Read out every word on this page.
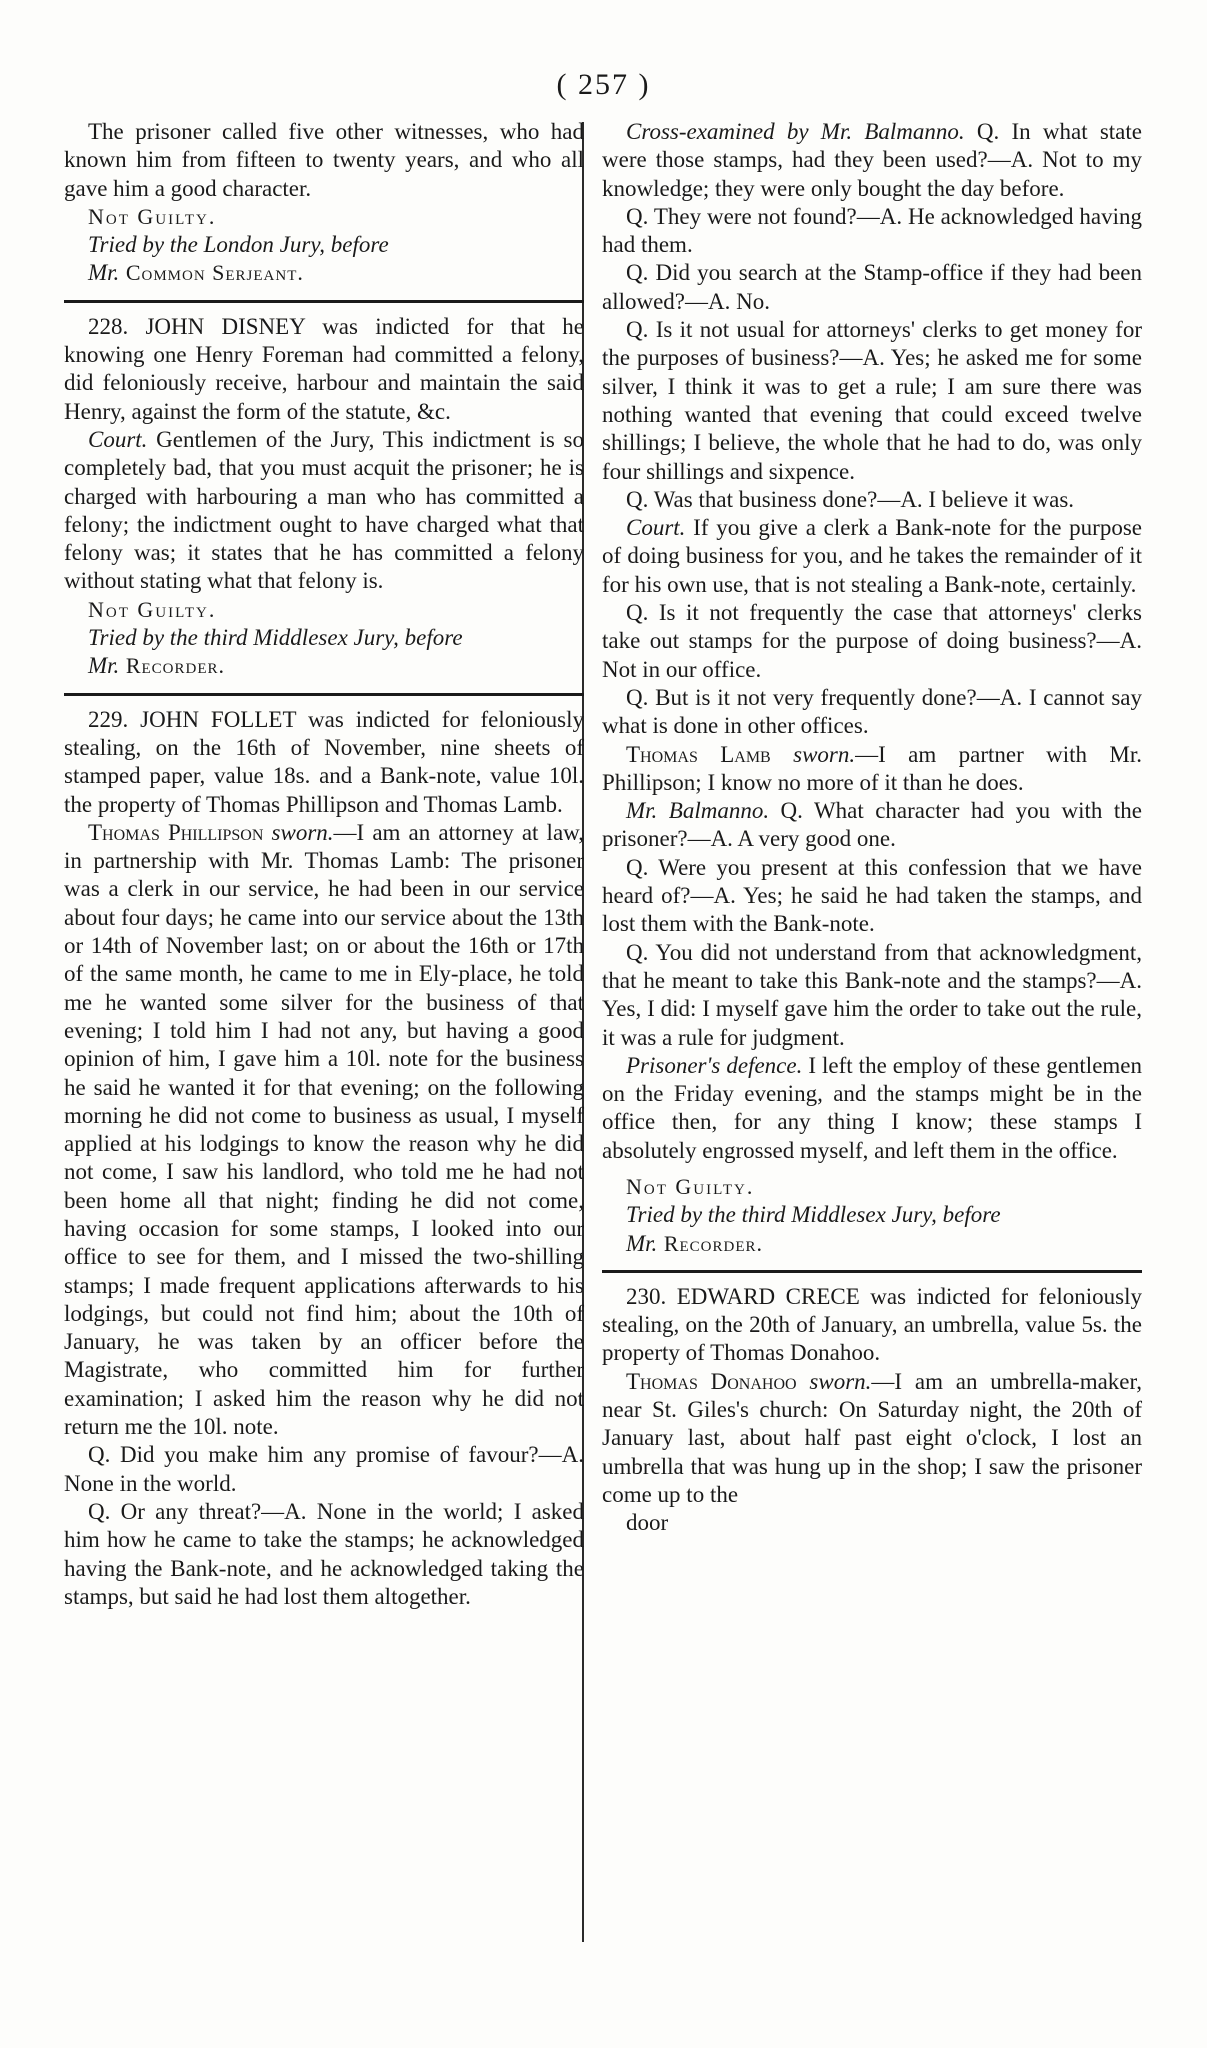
( 257 )

The prisoner called five other witnesses, who had known him from fifteen to twenty years, and who all gave him a good character.

Not Guilty.

Tried by the London Jury, before

Mr. Common Serjeant.

228. JOHN DISNEY was indicted for that he knowing one Henry Foreman had committed a felony, did feloniously receive, harbour and maintain the said Henry, against the form of the statute, &c.

Court. Gentlemen of the Jury, This indictment is so completely bad, that you must acquit the prisoner; he is charged with harbouring a man who has committed a felony; the indictment ought to have charged what that felony was; it states that he has committed a felony without stating what that felony is.

Not Guilty.

Tried by the third Middlesex Jury, before

Mr. Recorder.

229. JOHN FOLLET was indicted for feloniously stealing, on the 16th of November, nine sheets of stamped paper, value 18s. and a Bank-note, value 10l. the property of Thomas Phillipson and Thomas Lamb.

Thomas Phillipson sworn.—I am an attorney at law, in partnership with Mr. Thomas Lamb: The prisoner was a clerk in our service, he had been in our service about four days; he came into our service about the 13th or 14th of November last; on or about the 16th or 17th of the same month, he came to me in Ely-place, he told me he wanted some silver for the business of that evening; I told him I had not any, but having a good opinion of him, I gave him a 10l. note for the business he said he wanted it for that evening; on the following morning he did not come to business as usual, I myself applied at his lodgings to know the reason why he did not come, I saw his landlord, who told me he had not been home all that night; finding he did not come, having occasion for some stamps, I looked into our office to see for them, and I missed the two-shilling stamps; I made frequent applications afterwards to his lodgings, but could not find him; about the 10th of January, he was taken by an officer before the Magistrate, who committed him for further examination; I asked him the reason why he did not return me the 10l. note.

Q. Did you make him any promise of favour?—A. None in the world.

Q. Or any threat?—A. None in the world; I asked him how he came to take the stamps; he acknowledged having the Bank-note, and he acknowledged taking the stamps, but said he had lost them altogether.

Cross-examined by Mr. Balmanno. Q. In what state were those stamps, had they been used?—A. Not to my knowledge; they were only bought the day before.

Q. They were not found?—A. He acknowledged having had them.

Q. Did you search at the Stamp-office if they had been allowed?—A. No.

Q. Is it not usual for attorneys' clerks to get money for the purposes of business?—A. Yes; he asked me for some silver, I think it was to get a rule; I am sure there was nothing wanted that evening that could exceed twelve shillings; I believe, the whole that he had to do, was only four shillings and sixpence.

Q. Was that business done?—A. I believe it was.

Court. If you give a clerk a Bank-note for the purpose of doing business for you, and he takes the remainder of it for his own use, that is not stealing a Bank-note, certainly.

Q. Is it not frequently the case that attorneys' clerks take out stamps for the purpose of doing business?—A. Not in our office.

Q. But is it not very frequently done?—A. I cannot say what is done in other offices.

Thomas Lamb sworn.—I am partner with Mr. Phillipson; I know no more of it than he does.

Mr. Balmanno. Q. What character had you with the prisoner?—A. A very good one.

Q. Were you present at this confession that we have heard of?—A. Yes; he said he had taken the stamps, and lost them with the Bank-note.

Q. You did not understand from that acknowledgment, that he meant to take this Bank-note and the stamps?—A. Yes, I did: I myself gave him the order to take out the rule, it was a rule for judgment.

Prisoner's defence. I left the employ of these gentlemen on the Friday evening, and the stamps might be in the office then, for any thing I know; these stamps I absolutely engrossed myself, and left them in the office.

Not Guilty.

Tried by the third Middlesex Jury, before

Mr. Recorder.

230. EDWARD CRECE was indicted for feloniously stealing, on the 20th of January, an umbrella, value 5s. the property of Thomas Donahoo.

Thomas Donahoo sworn.—I am an umbrella-maker, near St. Giles's church: On Saturday night, the 20th of January last, about half past eight o'clock, I lost an umbrella that was hung up in the shop; I saw the prisoner come up to the

door
